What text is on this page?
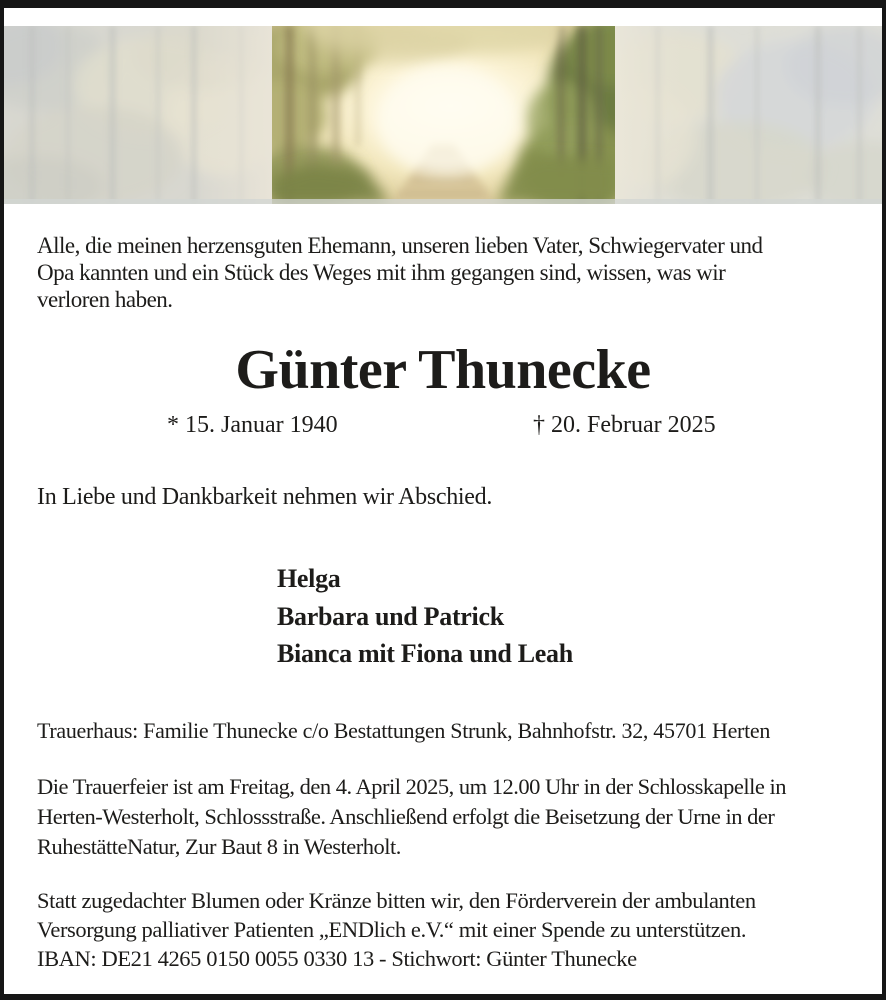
Alle, die meinen herzensguten Ehemann, unseren lieben Vater, Schwiegervater und
Opa kannten und ein Stück des Weges mit ihm gegangen sind, wissen, was wir
verloren haben.
Günter Thunecke
* 15. Januar 1940	† 20. Februar 2025
In Liebe und Dankbarkeit nehmen wir Abschied.
Helga
Barbara und Patrick
Bianca mit Fiona und Leah
Trauerhaus: Familie Thunecke c/o Bestattungen Strunk, Bahnhofstr. 32, 45701 Herten
Die Trauerfeier ist am Freitag, den 4. April 2025, um 12.00 Uhr in der Schlosskapelle in
Herten-Westerholt, Schlossstraße. Anschließend erfolgt die Beisetzung der Urne in der
RuhestätteNatur, Zur Baut 8 in Westerholt.
Statt zugedachter Blumen oder Kränze bitten wir, den Förderverein der ambulanten
Versorgung palliativer Patienten „ENDlich e.V.“ mit einer Spende zu unterstützen.
IBAN: DE21 4265 0150 0055 0330 13 - Stichwort: Günter Thunecke
